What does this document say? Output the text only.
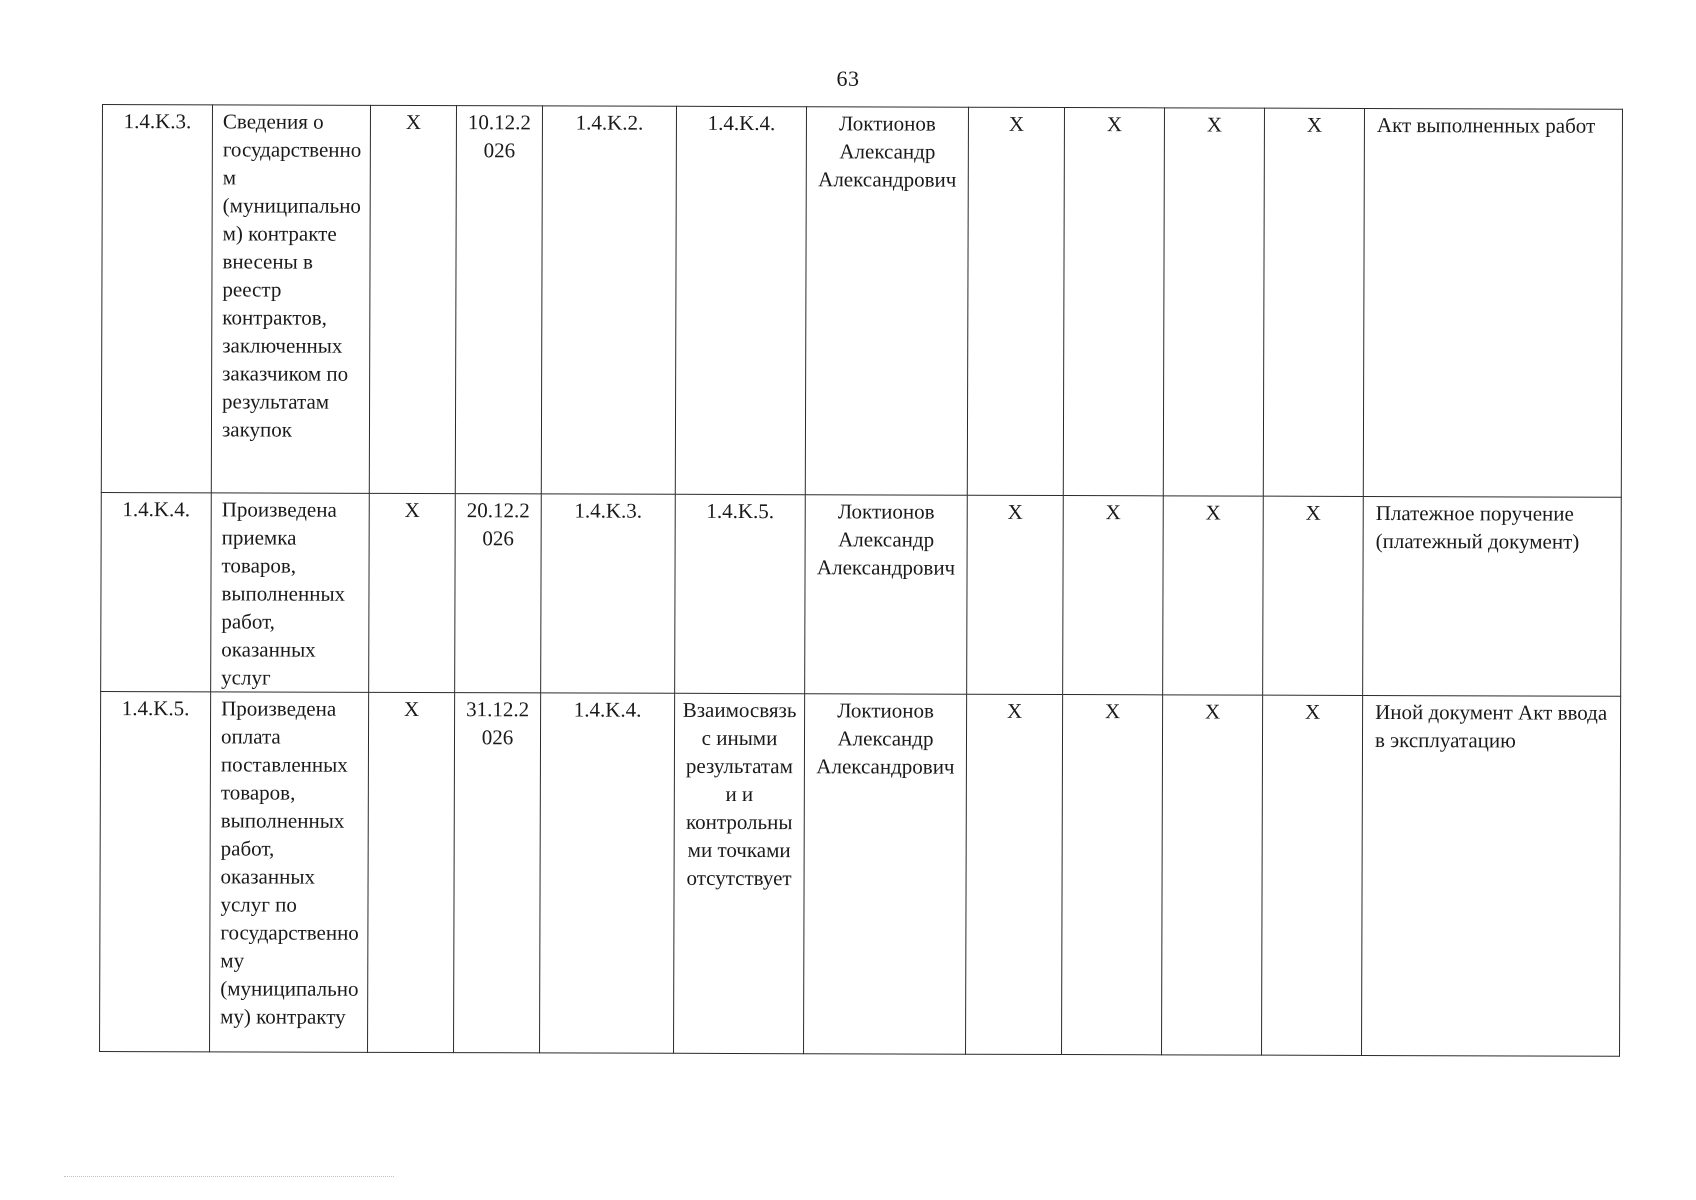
63
1.4.K.3.	Сведения о государственном (муниципальном) контракте внесены в реестр контрактов, заключенных заказчиком по результатам закупок	X	10.12.2026	1.4.K.2.	1.4.K.4.	Локтионов Александр Александрович	X	X	X	X	Акт выполненных работ
1.4.K.4.	Произведена приемка товаров, выполненных работ, оказанных услуг	X	20.12.2026	1.4.K.3.	1.4.K.5.	Локтионов Александр Александрович	X	X	X	X	Платежное поручение (платежный документ)
1.4.K.5.	Произведена оплата поставленных товаров, выполненных работ, оказанных услуг по государственному (муниципальному) контракту	X	31.12.2026	1.4.K.4.	Взаимосвязь с иными результатами и контрольными точками отсутствует	Локтионов Александр Александрович	X	X	X	X	Иной документ Акт ввода в эксплуатацию
